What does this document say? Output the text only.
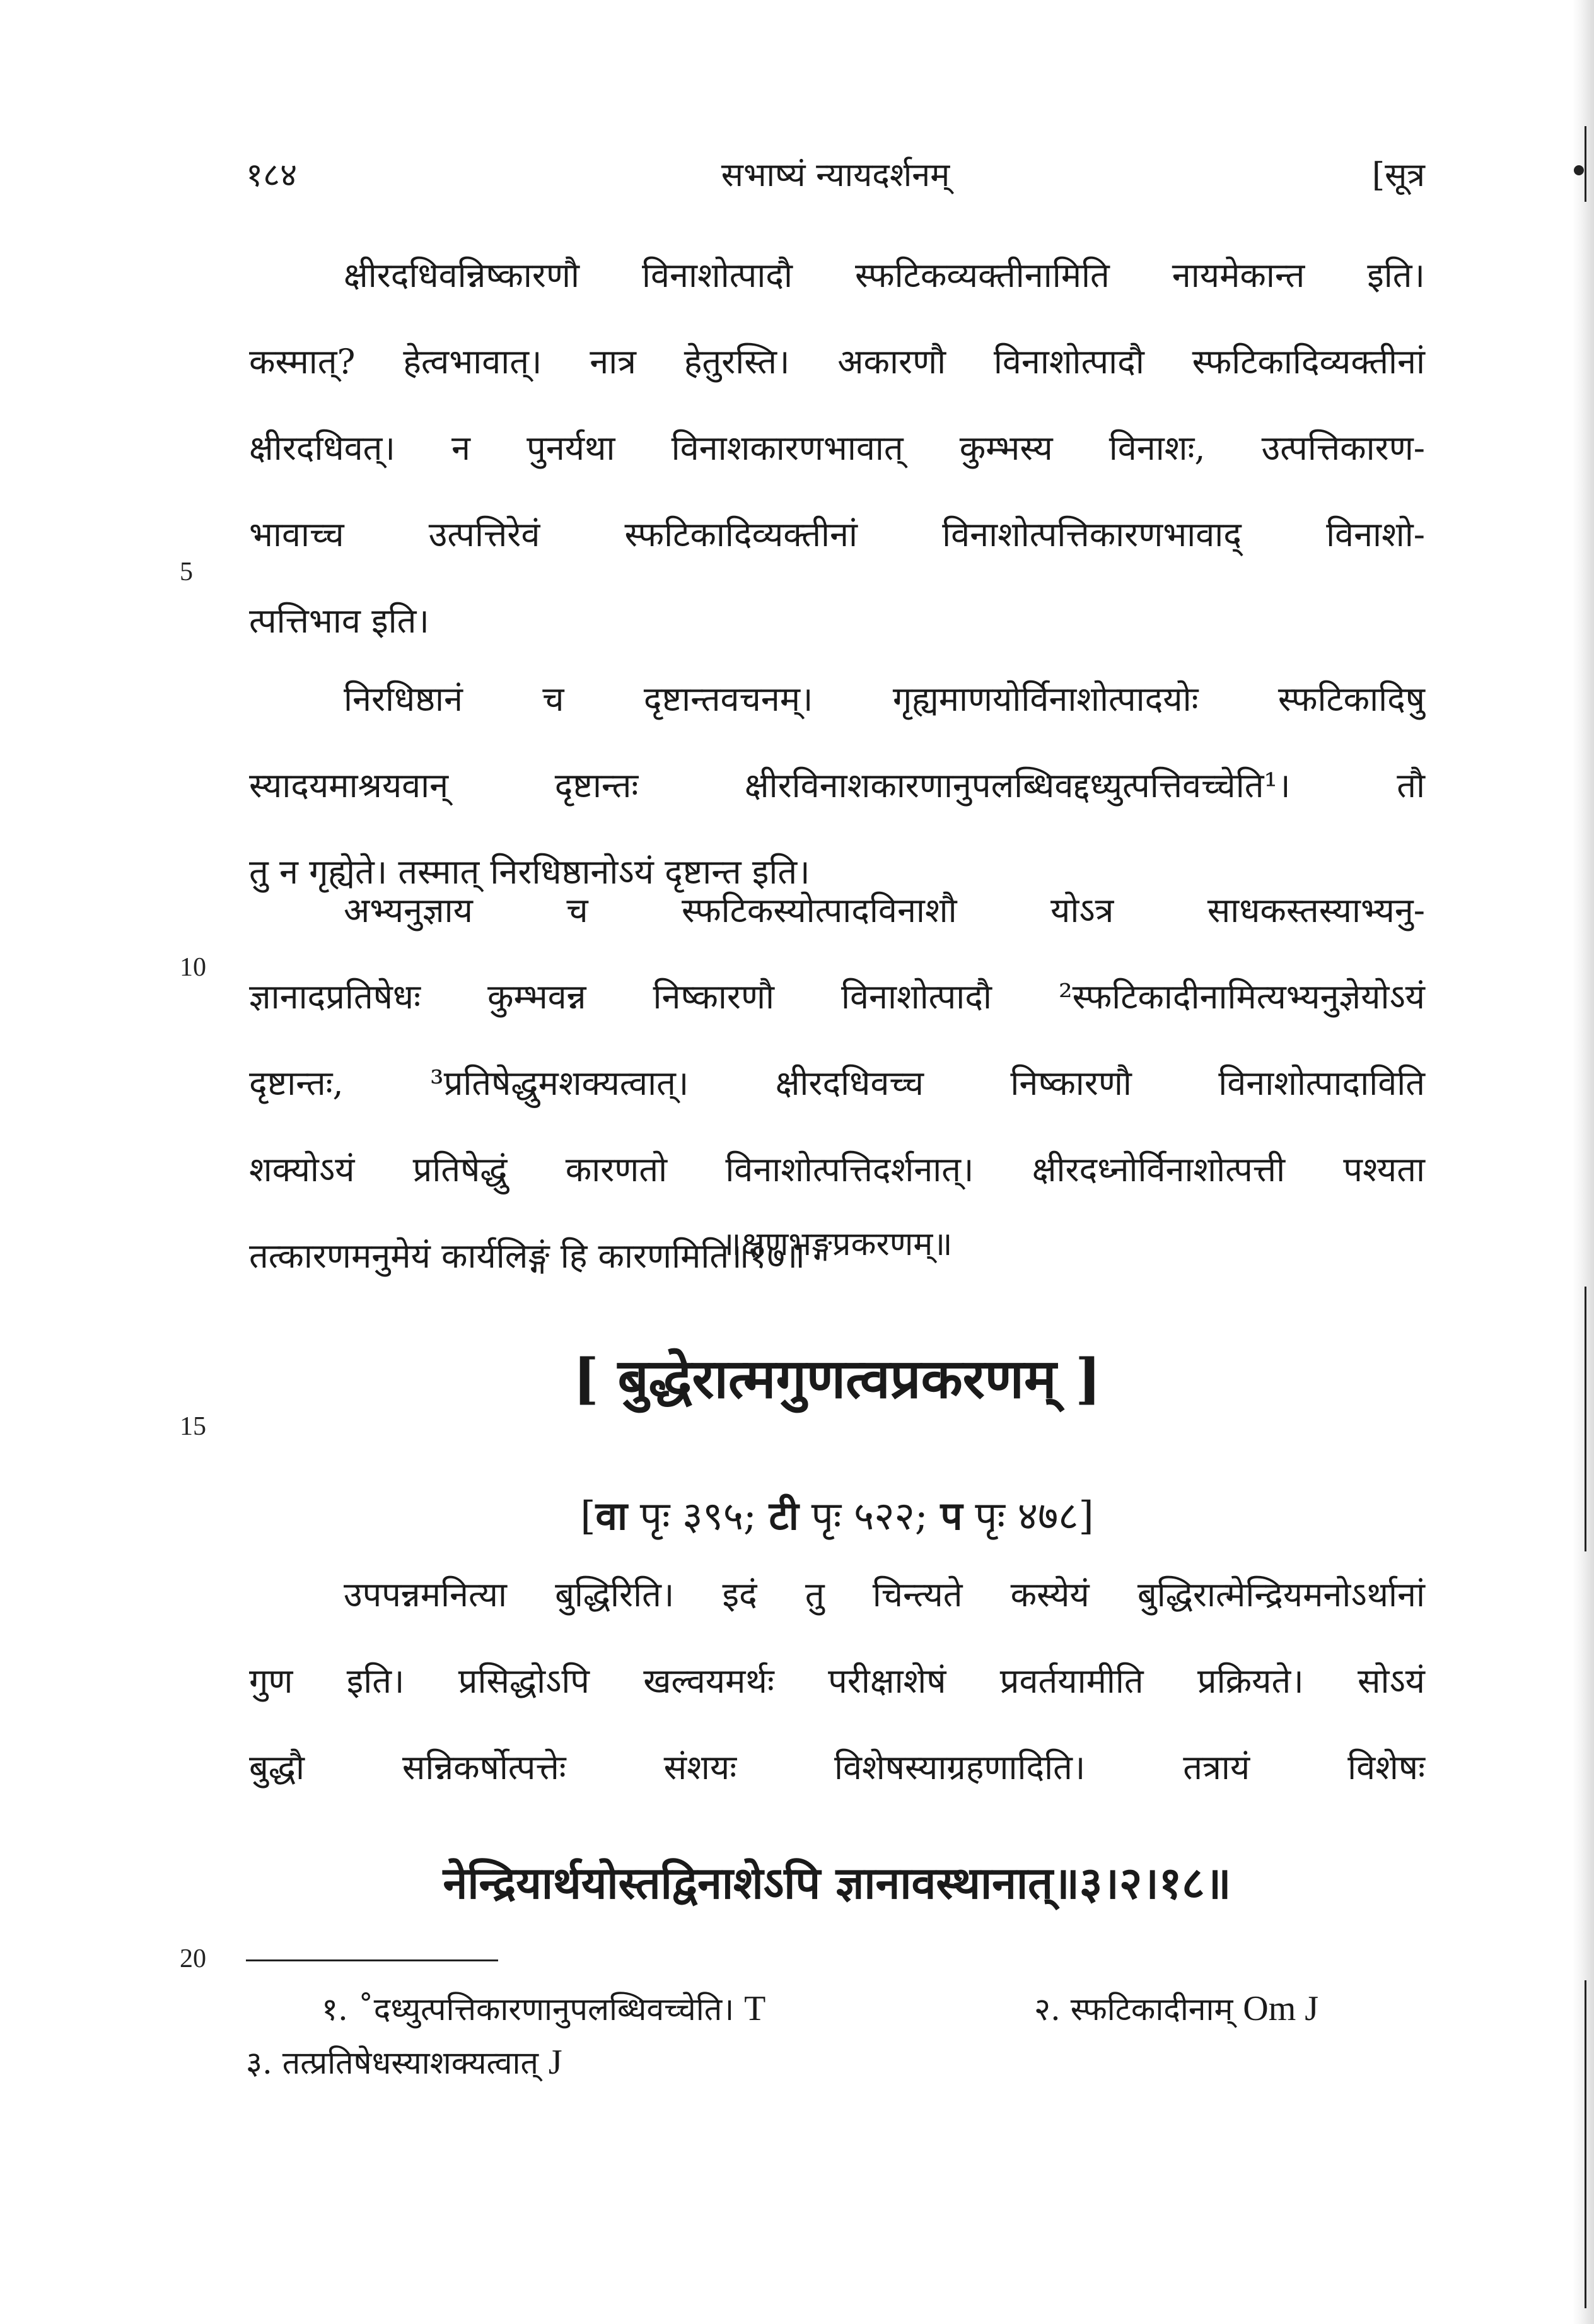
१८४	सभाष्यं न्यायदर्शनम्	[सूत्र
5
10
15
20
क्षीरदधिवन्निष्कारणौ विनाशोत्पादौ स्फटिकव्यक्तीनामिति नायमेकान्त इति।
कस्मात्? हेत्वभावात्। नात्र हेतुरस्ति। अकारणौ विनाशोत्पादौ स्फटिकादिव्यक्तीनां
क्षीरदधिवत्। न पुनर्यथा विनाशकारणभावात् कुम्भस्य विनाशः, उत्पत्तिकारण-
भावाच्च उत्पत्तिरेवं स्फटिकादिव्यक्तीनां विनाशोत्पत्तिकारणभावाद् विनाशो-
त्पत्तिभाव इति।
निरधिष्ठानं च दृष्टान्तवचनम्। गृह्यमाणयोर्विनाशोत्पादयोः स्फटिकादिषु
स्यादयमाश्रयवान् दृष्टान्तः क्षीरविनाशकारणानुपलब्धिवद्दध्युत्पत्तिवच्चेति¹। तौ
तु न गृह्येते। तस्मात् निरधिष्ठानोऽयं दृष्टान्त इति।
अभ्यनुज्ञाय च स्फटिकस्योत्पादविनाशौ योऽत्र साधकस्तस्याभ्यनु-
ज्ञानादप्रतिषेधः कुम्भवन्न निष्कारणौ विनाशोत्पादौ ²स्फटिकादीनामित्यभ्यनुज्ञेयोऽयं
दृष्टान्तः, ³प्रतिषेद्धुमशक्यत्वात्। क्षीरदधिवच्च निष्कारणौ विनाशोत्पादाविति
शक्योऽयं प्रतिषेद्धुं कारणतो विनाशोत्पत्तिदर्शनात्। क्षीरदध्नोर्विनाशोत्पत्ती पश्यता
तत्कारणमनुमेयं कार्यलिङ्गं हि कारणमिति॥१७॥
॥क्षणभङ्गप्रकरणम्॥
[ बुद्धेरात्मगुणत्वप्रकरणम् ]
[वा पृः ३९५; टी पृः ५२२; प पृः ४७८]
उपपन्नमनित्या बुद्धिरिति। इदं तु चिन्त्यते कस्येयं बुद्धिरात्मेन्द्रियमनोऽर्थानां
गुण इति। प्रसिद्धोऽपि खल्वयमर्थः परीक्षाशेषं प्रवर्तयामीति प्रक्रियते। सोऽयं
बुद्धौ सन्निकर्षोत्पत्तेः संशयः विशेषस्याग्रहणादिति। तत्रायं विशेषः
नेन्द्रियार्थयोस्तद्विनाशेऽपि ज्ञानावस्थानात्॥३।२।१८॥
१. ˚दध्युत्पत्तिकारणानुपलब्धिवच्चेति। T	२. स्फटिकादीनाम् Om J
३. तत्प्रतिषेधस्याशक्यत्वात् J
